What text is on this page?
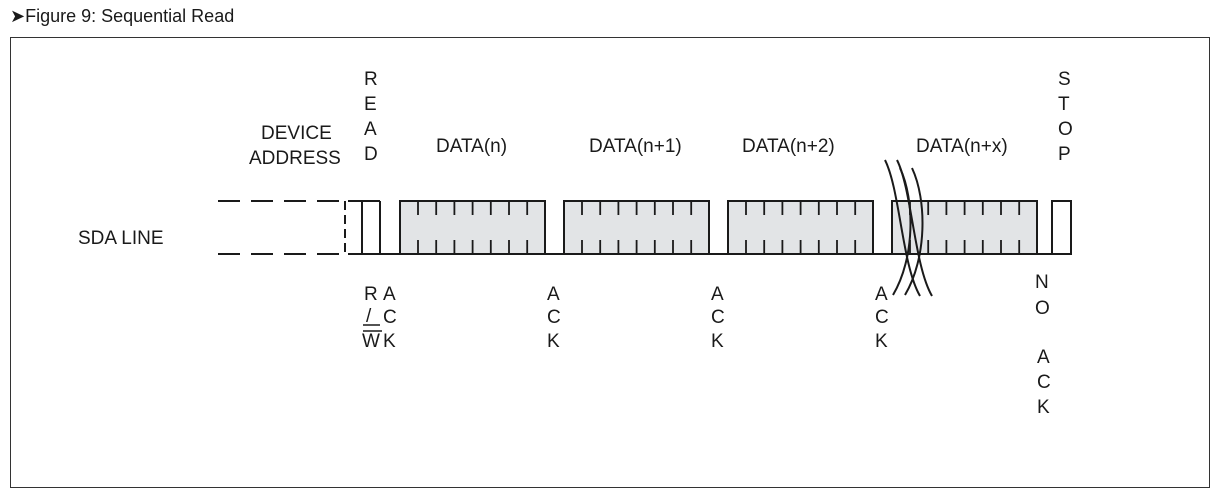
➤Figure 9: Sequential Read
SDA LINE
DEVICE
ADDRESS
DATA(n)	DATA(n+1)	DATA(n+2)	DATA(n+x)
R
E
A
D
S
T
O
P
R
/
W
A
C
K
A
C
K
A
C
K
A
C
K
N
O
A
C
K
